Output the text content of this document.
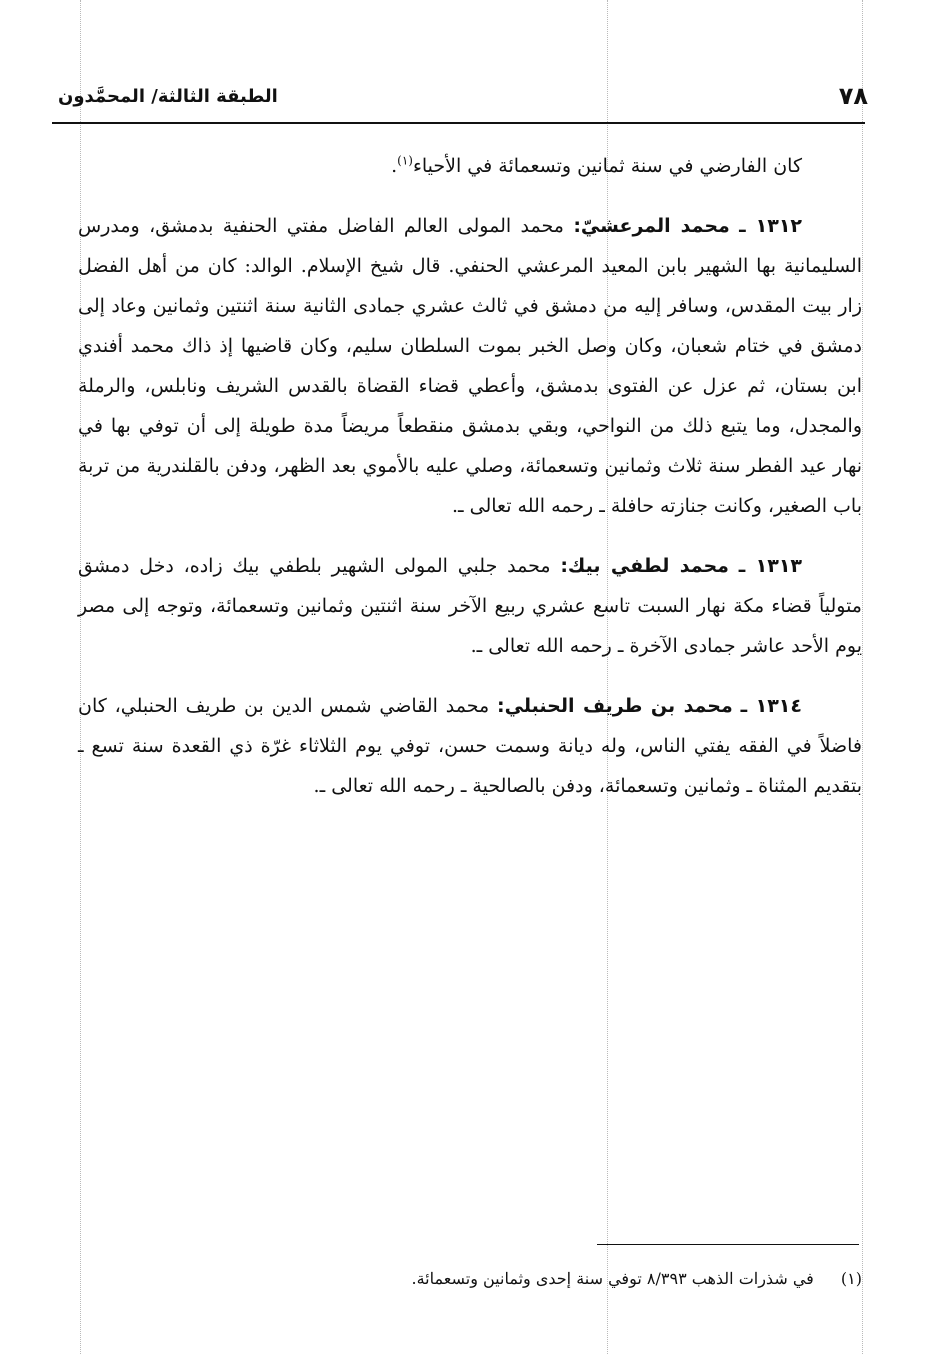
٧٨
الطبقة الثالثة/ المحمَّدون

كان الفارضي في سنة ثمانين وتسعمائة في الأحياء$^{(١)}$.

١٣١٢ ـ محمد المرعشيّ: محمد المولى العالم الفاضل مفتي الحنفية بدمشق، ومدرس السليمانية بها الشهير بابن المعيد المرعشي الحنفي. قال شيخ الإسلام. الوالد: كان من أهل الفضل زار بيت المقدس، وسافر إليه من دمشق في ثالث عشري جمادى الثانية سنة اثنتين وثمانين وعاد إلى دمشق في ختام شعبان، وكان وصل الخبر بموت السلطان سليم، وكان قاضيها إذ ذاك محمد أفندي ابن بستان، ثم عزل عن الفتوى بدمشق، وأعطي قضاء القضاة بالقدس الشريف ونابلس، والرملة والمجدل، وما يتبع ذلك من النواحي، وبقي بدمشق منقطعاً مريضاً مدة طويلة إلى أن توفي بها في نهار عيد الفطر سنة ثلاث وثمانين وتسعمائة، وصلي عليه بالأموي بعد الظهر، ودفن بالقلندرية من تربة باب الصغير، وكانت جنازته حافلة ـ رحمه الله تعالى ـ.

١٣١٣ ـ محمد لطفي بيك: محمد جلبي المولى الشهير بلطفي بيك زاده، دخل دمشق متولياً قضاء مكة نهار السبت تاسع عشري ربيع الآخر سنة اثنتين وثمانين وتسعمائة، وتوجه إلى مصر يوم الأحد عاشر جمادى الآخرة ـ رحمه الله تعالى ـ.

١٣١٤ ـ محمد بن طريف الحنبلي: محمد القاضي شمس الدين بن طريف الحنبلي، كان فاضلاً في الفقه يفتي الناس، وله ديانة وسمت حسن، توفي يوم الثلاثاء غرّة ذي القعدة سنة تسع ـ بتقديم المثناة ـ وثمانين وتسعمائة، ودفن بالصالحية ـ رحمه الله تعالى ـ.

(١) في شذرات الذهب ٨/٣٩٣ توفي سنة إحدى وثمانين وتسعمائة.
